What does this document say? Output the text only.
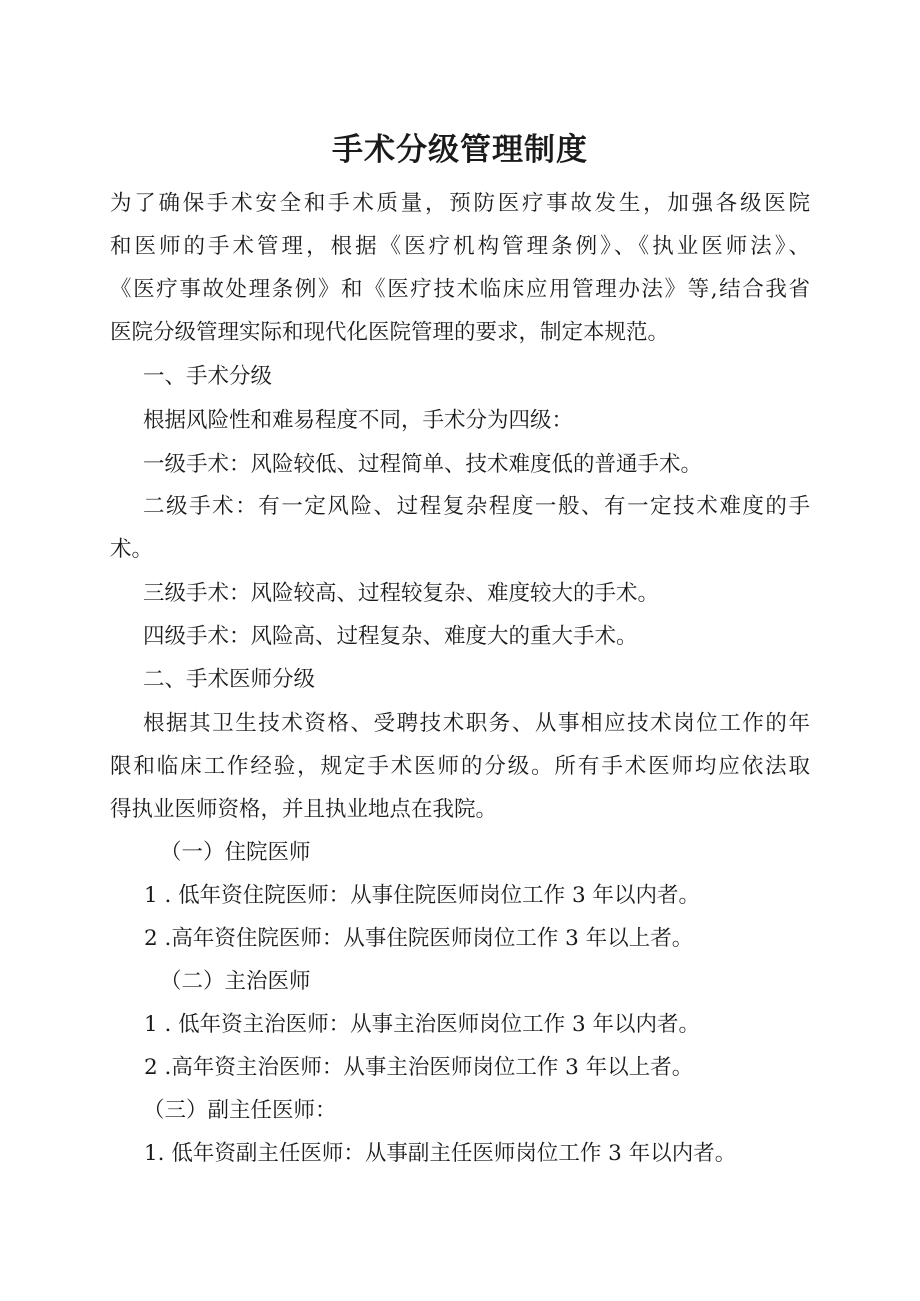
手术分级管理制度

为了确保手术安全和手术质量，预防医疗事故发生，加强各级医院

和医师的手术管理，根据《医疗机构管理条例》、《执业医师法》、

《医疗事故处理条例》和《医疗技术临床应用管理办法》等,结合我省

医院分级管理实际和现代化医院管理的要求，制定本规范。

一、手术分级

根据风险性和难易程度不同，手术分为四级：

一级手术：风险较低、过程简单、技术难度低的普通手术。

二级手术：有一定风险、过程复杂程度一般、有一定技术难度的手

术。

三级手术：风险较高、过程较复杂、难度较大的手术。

四级手术：风险高、过程复杂、难度大的重大手术。

二、手术医师分级

根据其卫生技术资格、受聘技术职务、从事相应技术岗位工作的年

限和临床工作经验，规定手术医师的分级。所有手术医师均应依法取

得执业医师资格，并且执业地点在我院。

（一）住院医师

1 . 低年资住院医师：从事住院医师岗位工作 3 年以内者。

2 .高年资住院医师：从事住院医师岗位工作 3 年以上者。

（二）主治医师

1 . 低年资主治医师：从事主治医师岗位工作 3 年以内者。

2 .高年资主治医师：从事主治医师岗位工作 3 年以上者。

（三）副主任医师：

1. 低年资副主任医师：从事副主任医师岗位工作 3 年以内者。
